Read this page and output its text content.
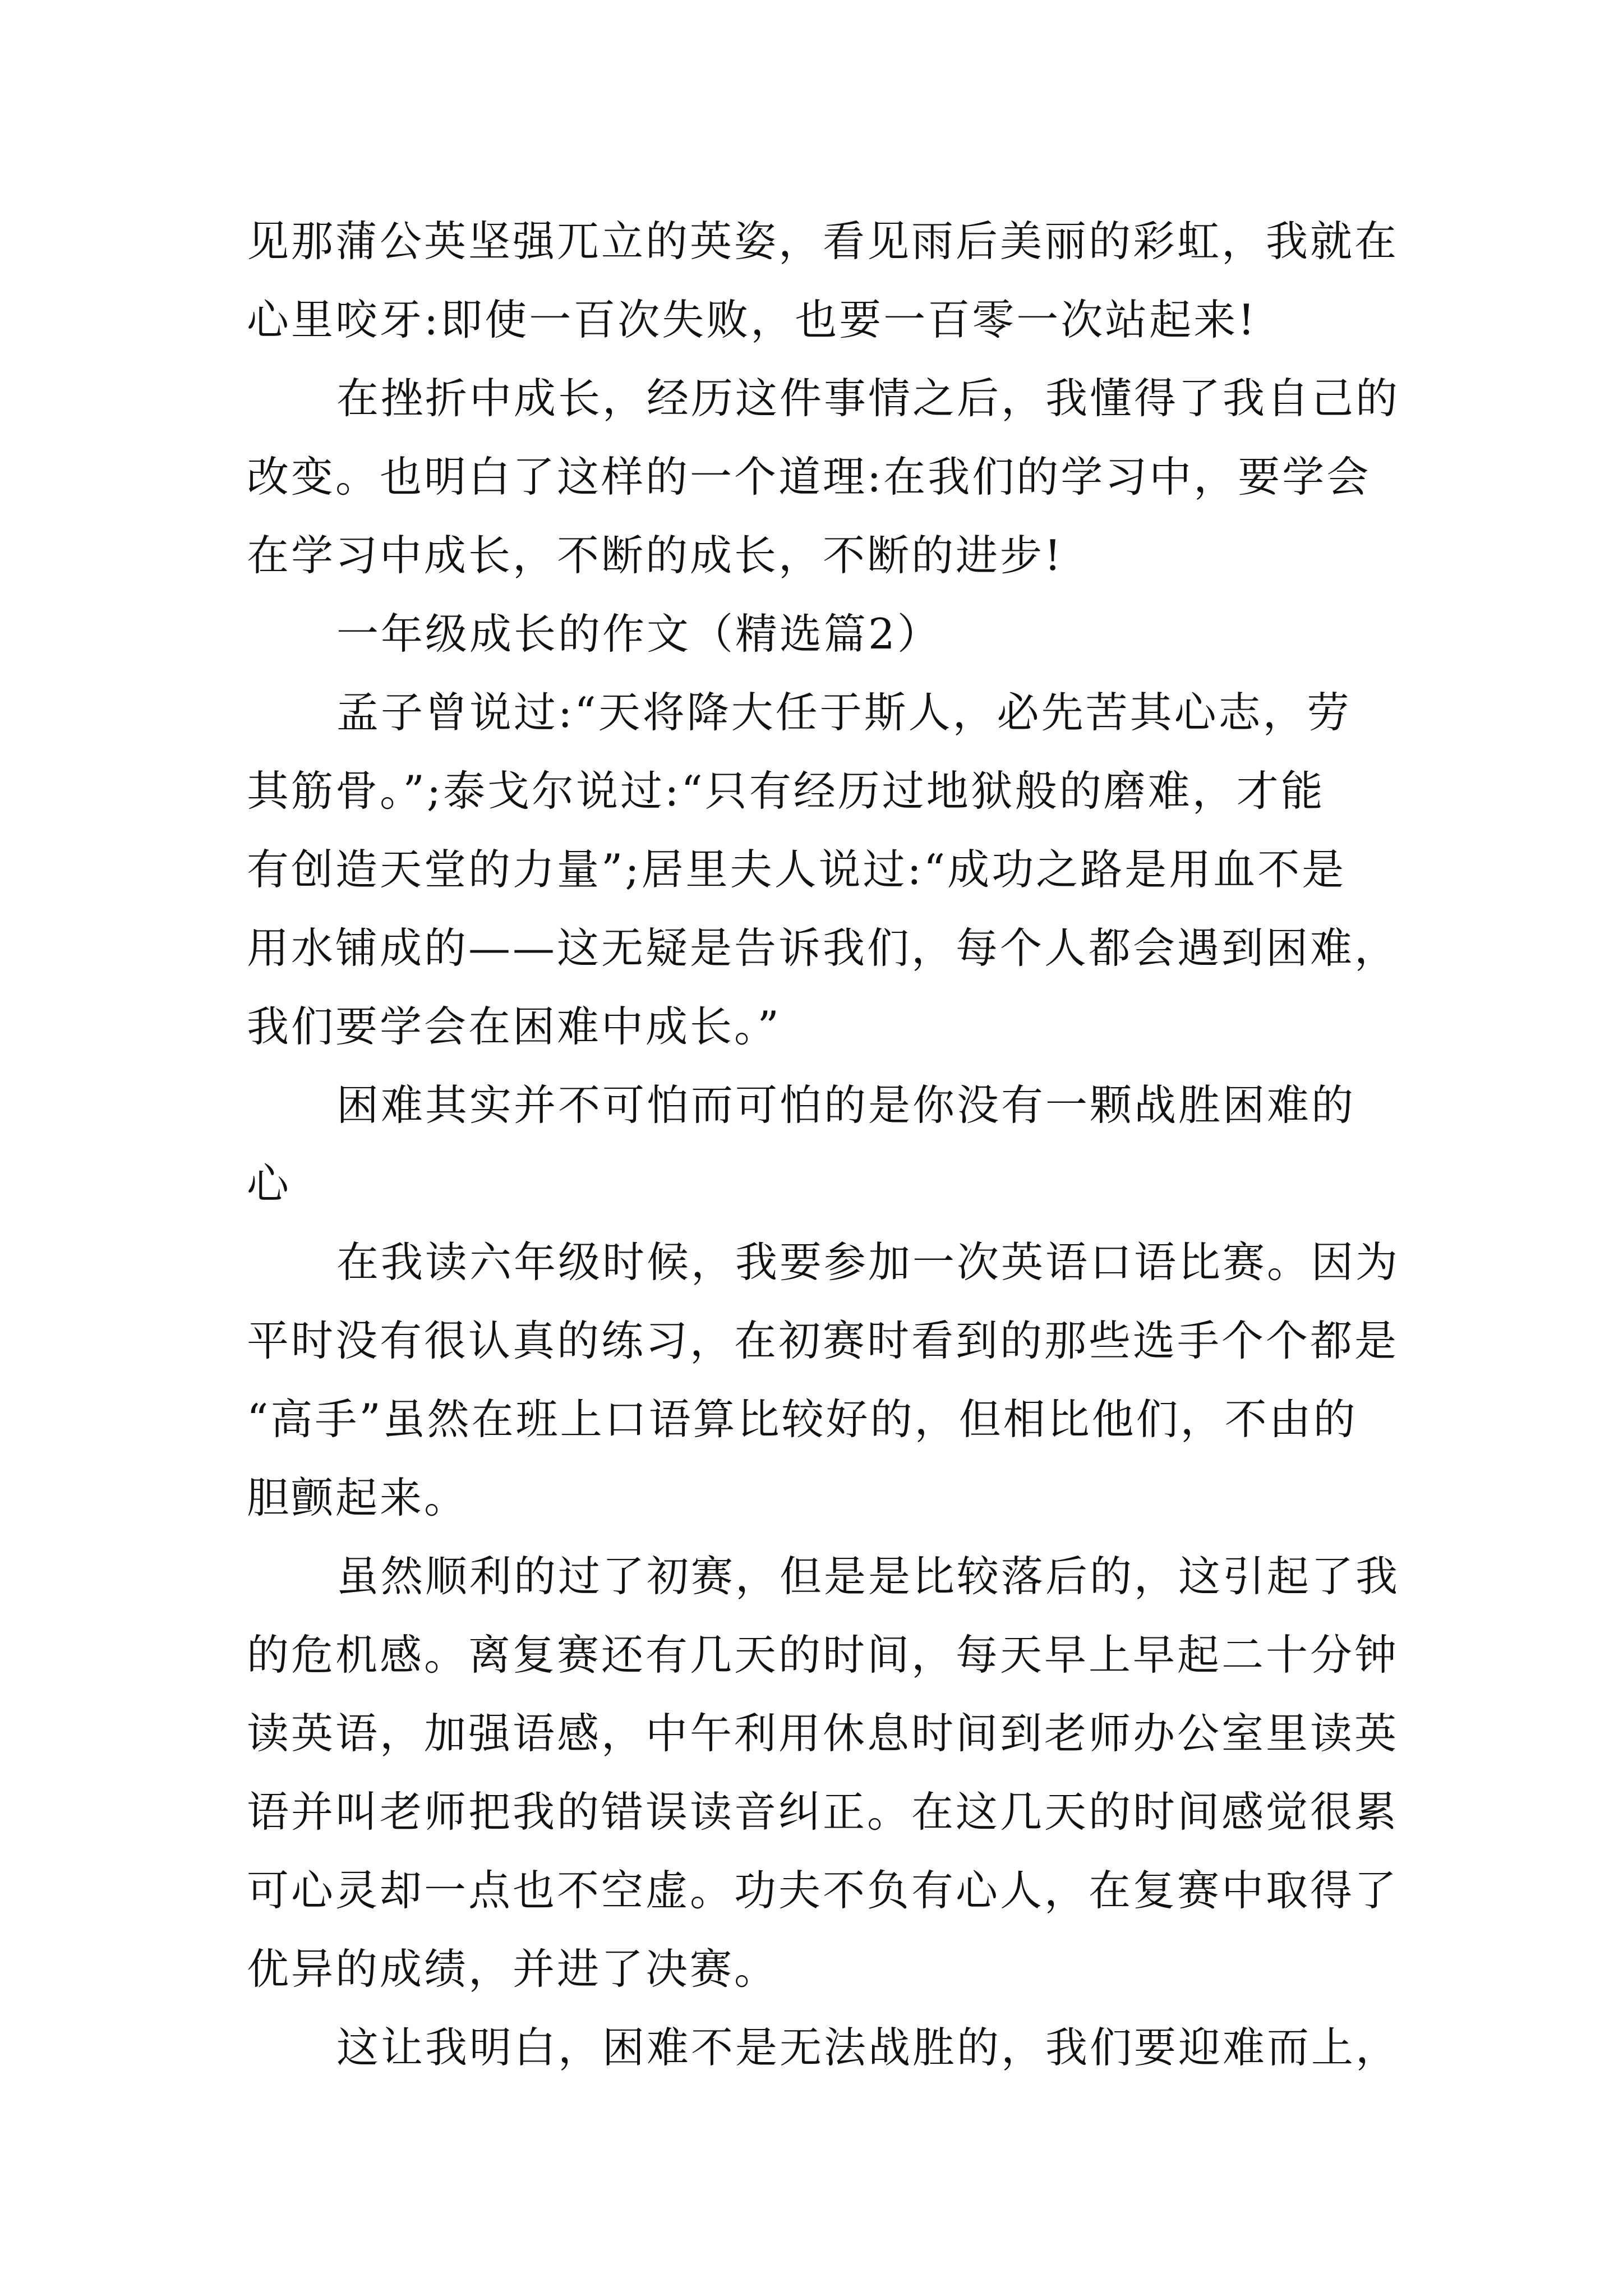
见那蒲公英坚强兀立的英姿，看见雨后美丽的彩虹，我就在
心里咬牙:即使一百次失败，也要一百零一次站起来!
在挫折中成长，经历这件事情之后，我懂得了我自己的
改变。也明白了这样的一个道理:在我们的学习中，要学会
在学习中成长，不断的成长，不断的进步!
一年级成长的作文（精选篇2）
孟子曾说过:“天将降大任于斯人，必先苦其心志，劳
其筋骨。”;泰戈尔说过:“只有经历过地狱般的磨难，才能
有创造天堂的力量”;居里夫人说过:“成功之路是用血不是
用水铺成的——这无疑是告诉我们，每个人都会遇到困难，
我们要学会在困难中成长。”
困难其实并不可怕而可怕的是你没有一颗战胜困难的
心
在我读六年级时候，我要参加一次英语口语比赛。因为
平时没有很认真的练习，在初赛时看到的那些选手个个都是
“高手”虽然在班上口语算比较好的，但相比他们，不由的
胆颤起来。
虽然顺利的过了初赛，但是是比较落后的，这引起了我
的危机感。离复赛还有几天的时间，每天早上早起二十分钟
读英语，加强语感，中午利用休息时间到老师办公室里读英
语并叫老师把我的错误读音纠正。在这几天的时间感觉很累
可心灵却一点也不空虚。功夫不负有心人，在复赛中取得了
优异的成绩，并进了决赛。
这让我明白，困难不是无法战胜的，我们要迎难而上，
